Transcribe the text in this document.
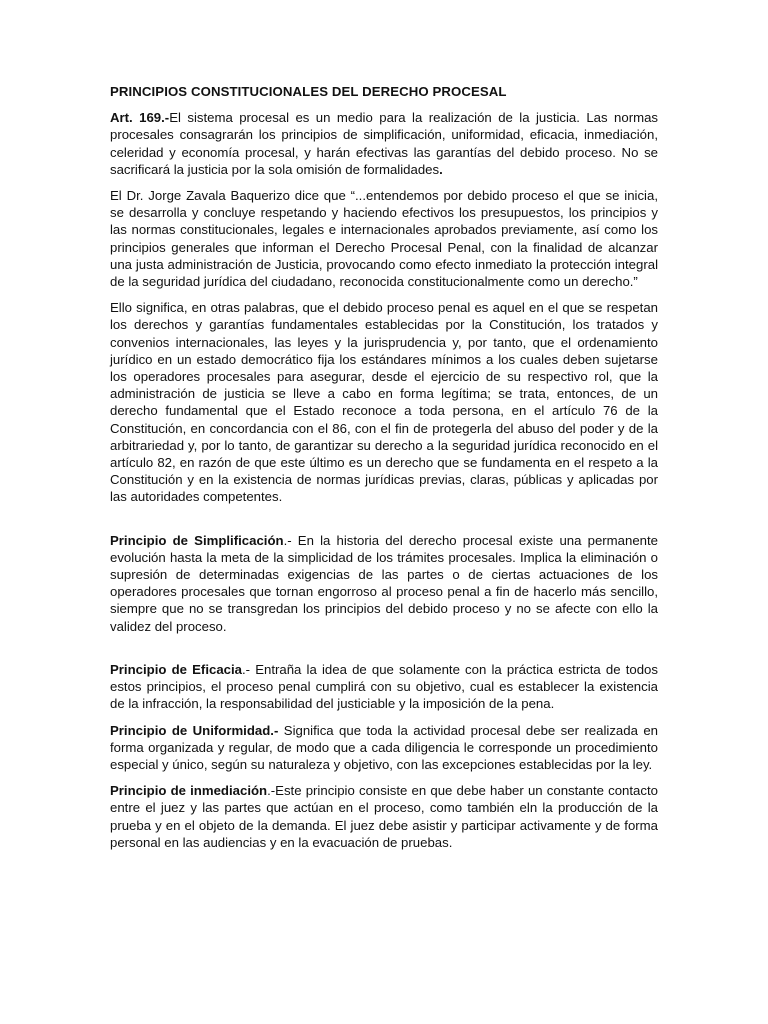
PRINCIPIOS CONSTITUCIONALES DEL DERECHO PROCESAL

Art. 169.-El sistema procesal es un medio para la realización de la justicia. Las normas procesales consagrarán los principios de simplificación, uniformidad, eficacia, inmediación, celeridad y economía procesal, y harán efectivas las garantías del debido proceso. No se sacrificará la justicia por la sola omisión de formalidades.

El Dr. Jorge Zavala Baquerizo dice que “...entendemos por debido proceso el que se inicia, se desarrolla y concluye respetando y haciendo efectivos los presupuestos, los principios y las normas constitucionales, legales e internacionales aprobados previamente, así como los principios generales que informan el Derecho Procesal Penal, con la finalidad de alcanzar una justa administración de Justicia, provocando como efecto inmediato la protección integral de la seguridad jurídica del ciudadano, reconocida constitucionalmente como un derecho.”

Ello significa, en otras palabras, que el debido proceso penal es aquel en el que se respetan los derechos y garantías fundamentales establecidas por la Constitución, los tratados y convenios internacionales, las leyes y la jurisprudencia y, por tanto, que el ordenamiento jurídico en un estado democrático fija los estándares mínimos a los cuales deben sujetarse los operadores procesales para asegurar, desde el ejercicio de su respectivo rol, que la administración de justicia se lleve a cabo en forma legítima; se trata, entonces, de un derecho fundamental que el Estado reconoce a toda persona, en el artículo 76 de la Constitución, en concordancia con el 86, con el fin de protegerla del abuso del poder y de la arbitrariedad y, por lo tanto, de garantizar su derecho a la seguridad jurídica reconocido en el artículo 82, en razón de que este último es un derecho que se fundamenta en el respeto a la Constitución y en la existencia de normas jurídicas previas, claras, públicas y aplicadas por las autoridades competentes.

Principio de Simplificación.- En la historia del derecho procesal existe una permanente evolución hasta la meta de la simplicidad de los trámites procesales. Implica la eliminación o supresión de determinadas exigencias de las partes o de ciertas actuaciones de los operadores procesales que tornan engorroso al proceso penal a fin de hacerlo más sencillo, siempre que no se transgredan los principios del debido proceso y no se afecte con ello la validez del proceso.

Principio de Eficacia.- Entraña la idea de que solamente con la práctica estricta de todos estos principios, el proceso penal cumplirá con su objetivo, cual es establecer la existencia de la infracción, la responsabilidad del justiciable y la imposición de la pena.

Principio de Uniformidad.- Significa que toda la actividad procesal debe ser realizada en forma organizada y regular, de modo que a cada diligencia le corresponde un procedimiento especial y único, según su naturaleza y objetivo, con las excepciones establecidas por la ley.

Principio de inmediación.-Este principio consiste en que debe haber un constante contacto entre el juez y las partes que actúan en el proceso, como también eln la producción de la prueba y en el objeto de la demanda. El juez debe asistir y participar activamente y de forma personal en las audiencias y en la evacuación de pruebas.
